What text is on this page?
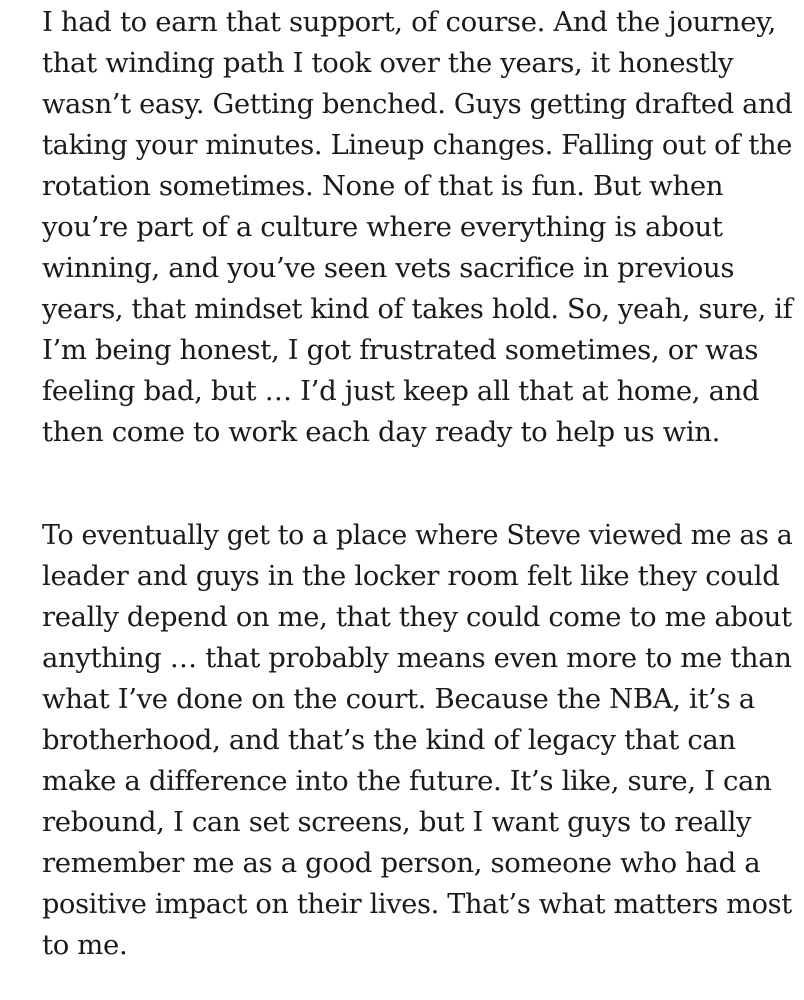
I had to earn that support, of course. And the journey,
that winding path I took over the years, it honestly
wasn’t easy. Getting benched. Guys getting drafted and
taking your minutes. Lineup changes. Falling out of the
rotation sometimes. None of that is fun. But when
you’re part of a culture where everything is about
winning, and you’ve seen vets sacrifice in previous
years, that mindset kind of takes hold. So, yeah, sure, if
I’m being honest, I got frustrated sometimes, or was
feeling bad, but … I’d just keep all that at home, and
then come to work each day ready to help us win.
To eventually get to a place where Steve viewed me as a
leader and guys in the locker room felt like they could
really depend on me, that they could come to me about
anything … that probably means even more to me than
what I’ve done on the court. Because the NBA, it’s a
brotherhood, and that’s the kind of legacy that can
make a difference into the future. It’s like, sure, I can
rebound, I can set screens, but I want guys to really
remember me as a good person, someone who had a
positive impact on their lives. That’s what matters most
to me.
